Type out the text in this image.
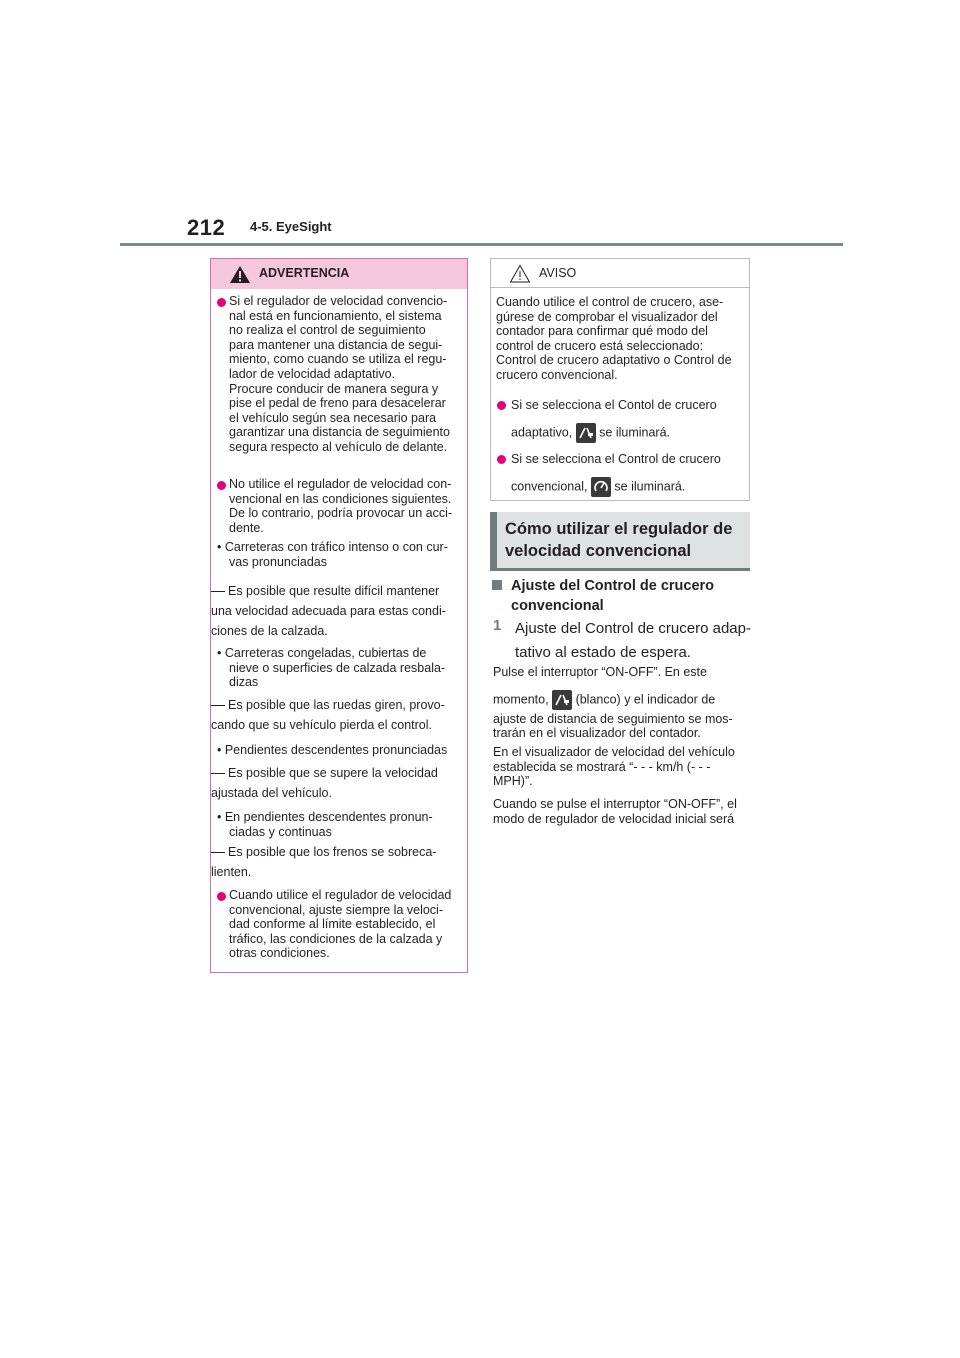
212 4-5. EyeSight
ADVERTENCIA
Si el regulador de velocidad convencio-
nal está en funcionamiento, el sistema
no realiza el control de seguimiento
para mantener una distancia de segui-
miento, como cuando se utiliza el regu-
lador de velocidad adaptativo.
Procure conducir de manera segura y
pise el pedal de freno para desacelerar
el vehículo según sea necesario para
garantizar una distancia de seguimiento
segura respecto al vehículo de delante.
No utilice el regulador de velocidad con-
vencional en las condiciones siguientes.
De lo contrario, podría provocar un acci-
dente.
• Carreteras con tráfico intenso o con cur-
vas pronunciadas
Es posible que resulte difícil mantener
una velocidad adecuada para estas condi-
ciones de la calzada.
• Carreteras congeladas, cubiertas de
nieve o superficies de calzada resbala-
dizas
Es posible que las ruedas giren, provo-
cando que su vehículo pierda el control.
• Pendientes descendentes pronunciadas
Es posible que se supere la velocidad
ajustada del vehículo.
• En pendientes descendentes pronun-
ciadas y continuas
Es posible que los frenos se sobreca-
lienten.
Cuando utilice el regulador de velocidad
convencional, ajuste siempre la veloci-
dad conforme al límite establecido, el
tráfico, las condiciones de la calzada y
otras condiciones.
AVISO
Cuando utilice el control de crucero, ase-
gúrese de comprobar el visualizador del
contador para confirmar qué modo del
control de crucero está seleccionado:
Control de crucero adaptativo o Control de
crucero convencional.
Si se selecciona el Contol de crucero
adaptativo, se iluminará.
Si se selecciona el Control de crucero
convencional, se iluminará.
Cómo utilizar el regulador de
velocidad convencional
Ajuste del Control de crucero
convencional
1 Ajuste del Control de crucero adap-
tativo al estado de espera.
Pulse el interruptor “ON-OFF”. En este
momento, (blanco) y el indicador de
ajuste de distancia de seguimiento se mos-
trarán en el visualizador del contador.
En el visualizador de velocidad del vehículo
establecida se mostrará “- - - km/h (- - -
MPH)”.
Cuando se pulse el interruptor “ON-OFF”, el
modo de regulador de velocidad inicial será
